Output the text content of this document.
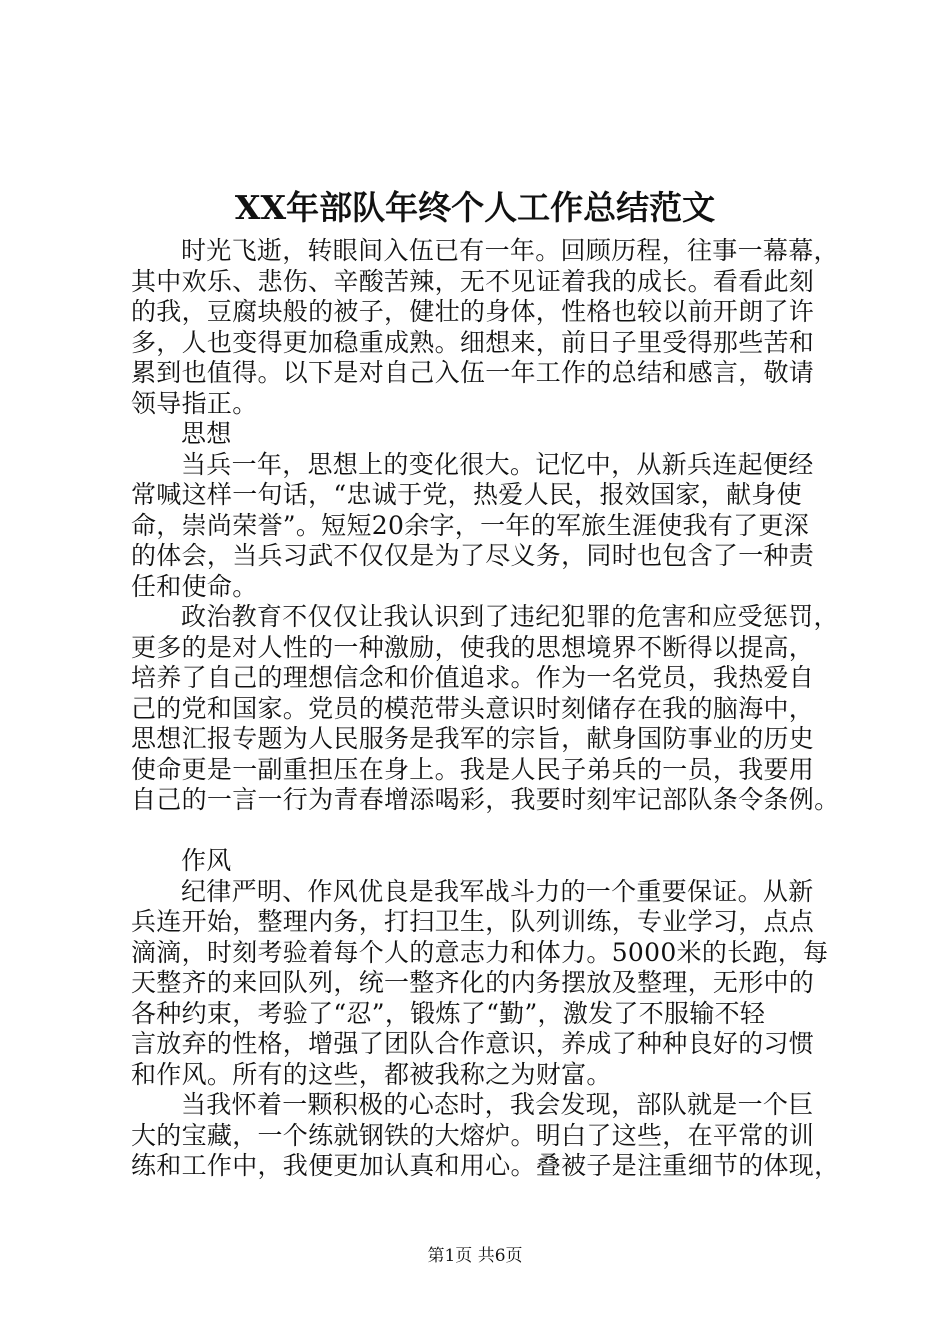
XX年部队年终个人工作总结范文
时光飞逝，转眼间入伍已有一年。回顾历程，往事一幕幕，
其中欢乐、悲伤、辛酸苦辣，无不见证着我的成长。看看此刻
的我，豆腐块般的被子，健壮的身体，性格也较以前开朗了许
多，人也变得更加稳重成熟。细想来，前日子里受得那些苦和
累到也值得。以下是对自己入伍一年工作的总结和感言，敬请
领导指正。
思想
当兵一年，思想上的变化很大。记忆中，从新兵连起便经
常喊这样一句话，“忠诚于党，热爱人民，报效国家，献身使
命，崇尚荣誉”。短短20余字，一年的军旅生涯使我有了更深
的体会，当兵习武不仅仅是为了尽义务，同时也包含了一种责
任和使命。
政治教育不仅仅让我认识到了违纪犯罪的危害和应受惩罚，
更多的是对人性的一种激励，使我的思想境界不断得以提高，
培养了自己的理想信念和价值追求。作为一名党员，我热爱自
己的党和国家。党员的模范带头意识时刻储存在我的脑海中，
思想汇报专题为人民服务是我军的宗旨，献身国防事业的历史
使命更是一副重担压在身上。我是人民子弟兵的一员，我要用
自己的一言一行为青春增添喝彩，我要时刻牢记部队条令条例。
作风
纪律严明、作风优良是我军战斗力的一个重要保证。从新
兵连开始，整理内务，打扫卫生，队列训练，专业学习，点点
滴滴，时刻考验着每个人的意志力和体力。5000米的长跑，每
天整齐的来回队列，统一整齐化的内务摆放及整理，无形中的
各种约束，考验了“忍”，锻炼了“勤”，激发了不服输不轻
言放弃的性格，增强了团队合作意识，养成了种种良好的习惯
和作风。所有的这些，都被我称之为财富。
当我怀着一颗积极的心态时，我会发现，部队就是一个巨
大的宝藏，一个练就钢铁的大熔炉。明白了这些，在平常的训
练和工作中，我便更加认真和用心。叠被子是注重细节的体现，
第1页 共6页
